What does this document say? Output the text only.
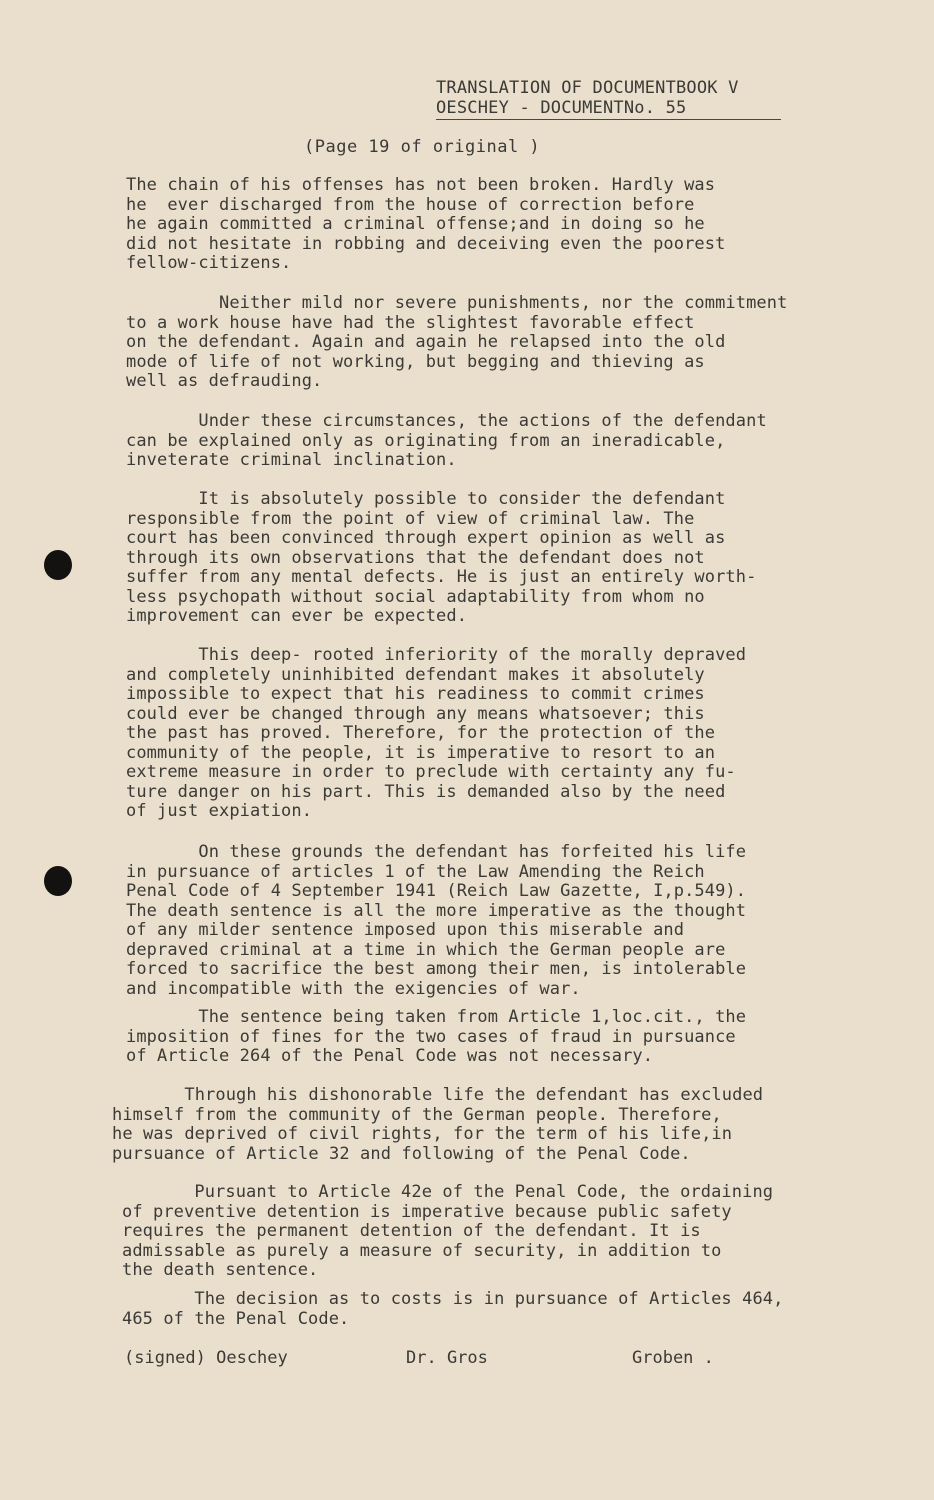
TRANSLATION OF DOCUMENTBOOK V
OESCHEY - DOCUMENTNo. 55
(Page 19 of original )
The chain of his offenses has not been broken. Hardly was
he  ever discharged from the house of correction before
he again committed a criminal offense;and in doing so he
did not hesitate in robbing and deceiving even the poorest
fellow-citizens.
Neither mild nor severe punishments, nor the commitment
to a work house have had the slightest favorable effect
on the defendant. Again and again he relapsed into the old
mode of life of not working, but begging and thieving as
well as defrauding.
Under these circumstances, the actions of the defendant
can be explained only as originating from an ineradicable,
inveterate criminal inclination.
It is absolutely possible to consider the defendant
responsible from the point of view of criminal law. The
court has been convinced through expert opinion as well as
through its own observations that the defendant does not
suffer from any mental defects. He is just an entirely worth-
less psychopath without social adaptability from whom no
improvement can ever be expected.
This deep- rooted inferiority of the morally depraved
and completely uninhibited defendant makes it absolutely
impossible to expect that his readiness to commit crimes
could ever be changed through any means whatsoever; this
the past has proved. Therefore, for the protection of the
community of the people, it is imperative to resort to an
extreme measure in order to preclude with certainty any fu-
ture danger on his part. This is demanded also by the need
of just expiation.
On these grounds the defendant has forfeited his life
in pursuance of articles 1 of the Law Amending the Reich
Penal Code of 4 September 1941 (Reich Law Gazette, I,p.549).
The death sentence is all the more imperative as the thought
of any milder sentence imposed upon this miserable and
depraved criminal at a time in which the German people are
forced to sacrifice the best among their men, is intolerable
and incompatible with the exigencies of war.
The sentence being taken from Article 1,loc.cit., the
imposition of fines for the two cases of fraud in pursuance
of Article 264 of the Penal Code was not necessary.
Through his dishonorable life the defendant has excluded
himself from the community of the German people. Therefore,
he was deprived of civil rights, for the term of his life,in
pursuance of Article 32 and following of the Penal Code.
Pursuant to Article 42e of the Penal Code, the ordaining
of preventive detention is imperative because public safety
requires the permanent detention of the defendant. It is
admissable as purely a measure of security, in addition to
the death sentence.
The decision as to costs is in pursuance of Articles 464,
465 of the Penal Code.
(signed) Oeschey	Dr. Gros	Groben .
